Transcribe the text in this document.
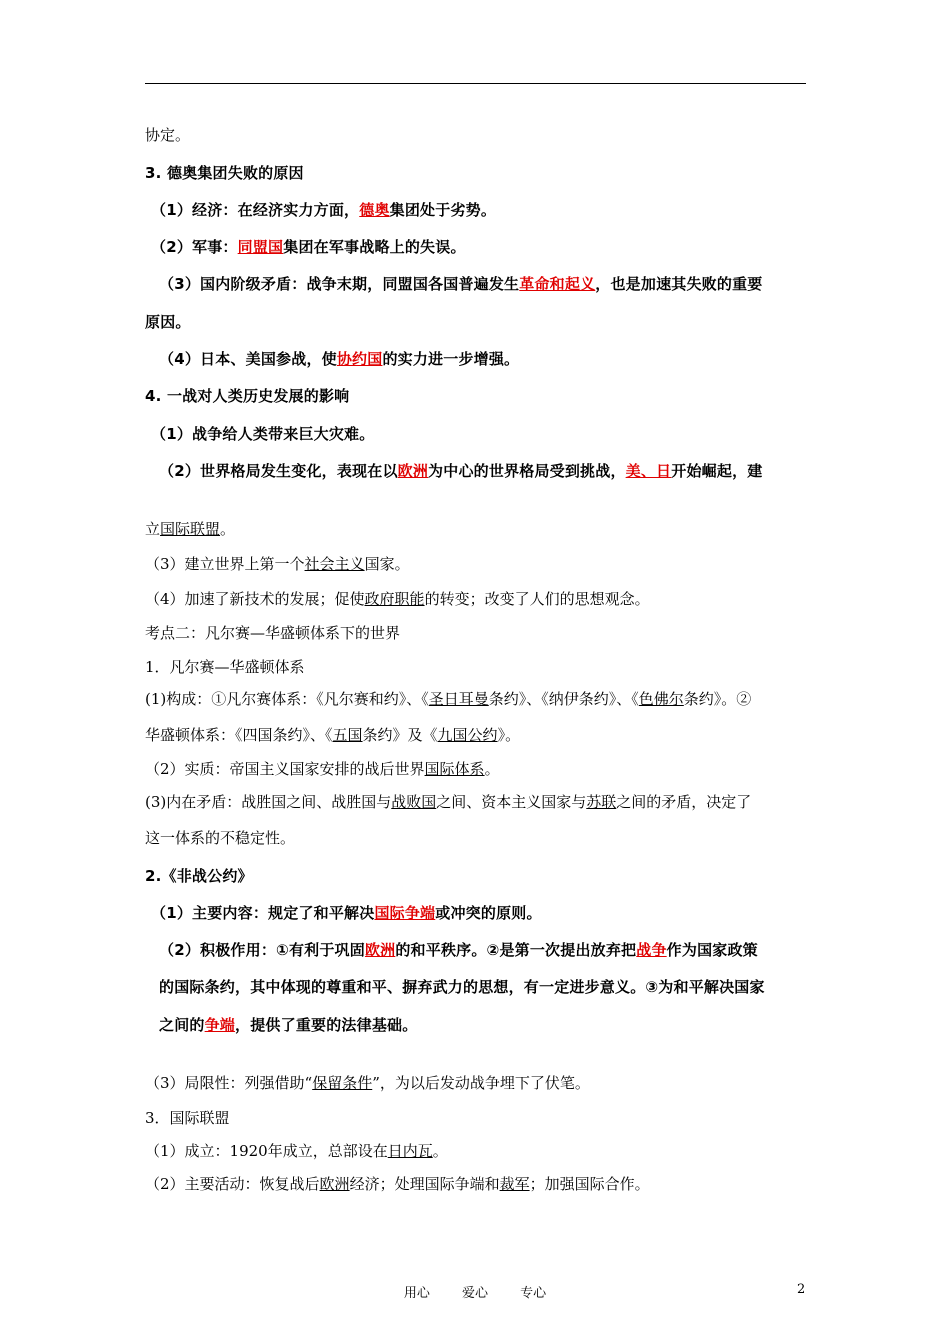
协定。
3. 德奥集团失败的原因
（1）经济：在经济实力方面，德奥集团处于劣势。
（2）军事：同盟国集团在军事战略上的失误。
（3）国内阶级矛盾：战争末期，同盟国各国普遍发生革命和起义，也是加速其失败的重要
原因。
（4）日本、美国参战，使协约国的实力进一步增强。
4. 一战对人类历史发展的影响
（1）战争给人类带来巨大灾难。
（2）世界格局发生变化，表现在以欧洲为中心的世界格局受到挑战，美、日开始崛起，建
立国际联盟。
（3）建立世界上第一个社会主义国家。
（4）加速了新技术的发展；促使政府职能的转变；改变了人们的思想观念。
考点二：凡尔赛—华盛顿体系下的世界
1．凡尔赛—华盛顿体系
(1)构成：①凡尔赛体系：《凡尔赛和约》、《圣日耳曼条约》、《纳伊条约》、《色佛尔条约》。②
华盛顿体系：《四国条约》、《五国条约》及《九国公约》。
（2）实质：帝国主义国家安排的战后世界国际体系。
(3)内在矛盾：战胜国之间、战胜国与战败国之间、资本主义国家与苏联之间的矛盾，决定了
这一体系的不稳定性。
2.《非战公约》
（1）主要内容：规定了和平解决国际争端或冲突的原则。
（2）积极作用：①有利于巩固欧洲的和平秩序。②是第一次提出放弃把战争作为国家政策
的国际条约，其中体现的尊重和平、摒弃武力的思想，有一定进步意义。③为和平解决国家
之间的争端，提供了重要的法律基础。
（3）局限性：列强借助“保留条件”，为以后发动战争埋下了伏笔。
3．国际联盟
（1）成立：1920年成立，总部设在日内瓦。
（2）主要活动：恢复战后欧洲经济；处理国际争端和裁军；加强国际合作。
用心 爱心 专心	2
